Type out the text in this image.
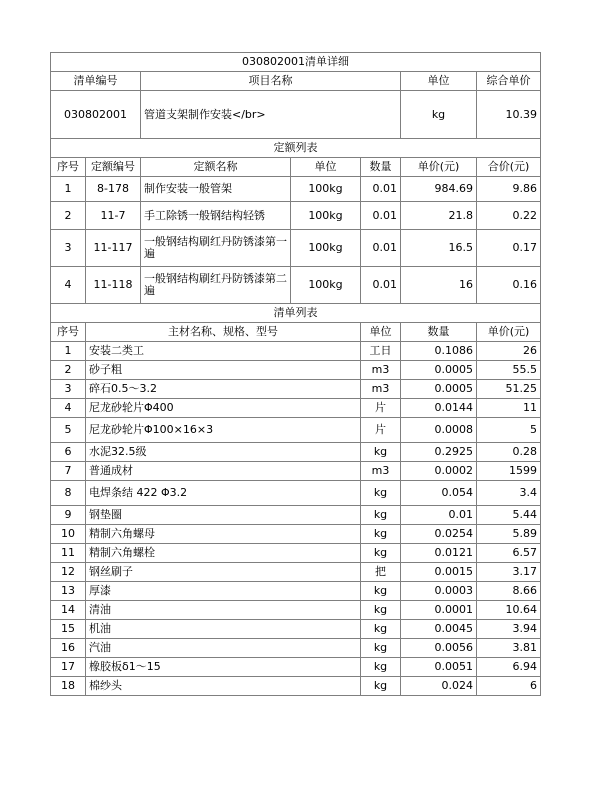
030802001清单详细							
清单编号		项目名称			单位	综合单价	
030802001		管道支架制作安装</br>			kg	10.39	
定额列表							
序号	定额编号	定额名称	单位	数量	单价(元)	合价(元)	
1	8-178	制作安装一般管架	100kg	0.01	984.69	9.86	
2	11-7	手工除锈一般钢结构轻锈	100kg	0.01	21.8	0.22	
3	11-117	一般钢结构刷红丹防锈漆第一遍	100kg	0.01	16.5	0.17	
4	11-118	一般钢结构刷红丹防锈漆第二遍	100kg	0.01	16	0.16	
清单列表							
序号	主材名称、规格、型号			单位	数量	单价(元)	
1	安装二类工			工日	0.1086	26	
2	砂子粗			m3	0.0005	55.5	
3	碎石0.5～3.2			m3	0.0005	51.25	
4	尼龙砂轮片Φ400			片	0.0144	11	
5	尼龙砂轮片Φ100×16×3			片	0.0008	5	
6	水泥32.5级			kg	0.2925	0.28	
7	普通成材			m3	0.0002	1599	
8	电焊条结 422 Φ3.2			kg	0.054	3.4	
9	钢垫圈			kg	0.01	5.44	
10	精制六角螺母			kg	0.0254	5.89	
11	精制六角螺栓			kg	0.0121	6.57	
12	钢丝刷子			把	0.0015	3.17	
13	厚漆			kg	0.0003	8.66	
14	清油			kg	0.0001	10.64	
15	机油			kg	0.0045	3.94	
16	汽油			kg	0.0056	3.81	
17	橡胶板δ1～15			kg	0.0051	6.94	
18	棉纱头			kg	0.024	6	
